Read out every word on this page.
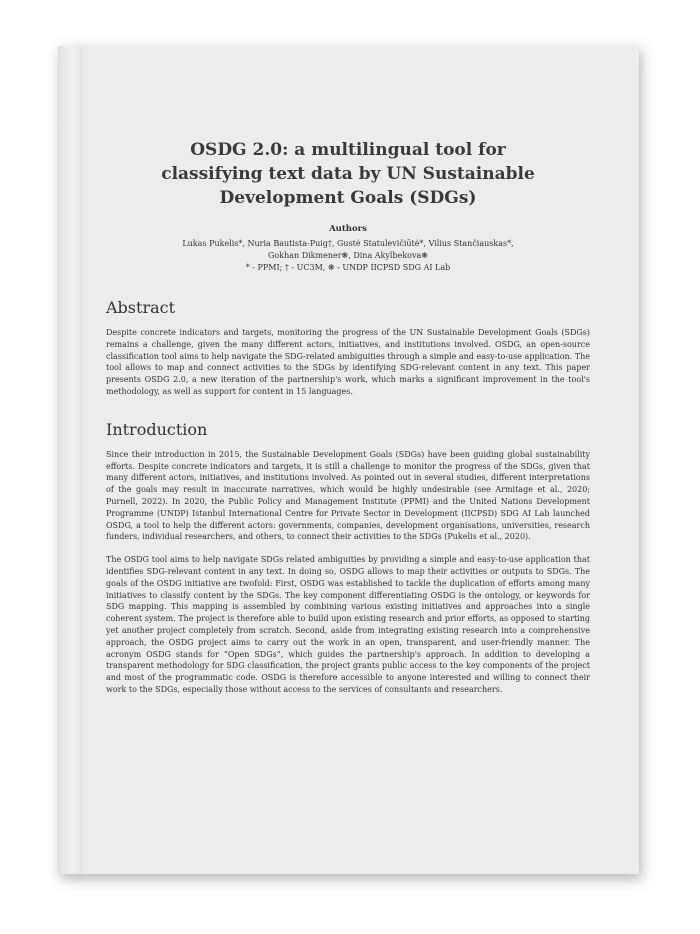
OSDG 2.0: a multilingual tool for
classifying text data by UN Sustainable
Development Goals (SDGs)
Authors

Lukas Pukelis*, Nuria Bautista-Puig†, Gustė Statulevičiūtė*, Vilius Stančiauskas*,

Gokhan Dikmener❋, Dina Akylbekova❋

* - PPMI; † - UC3M, ❋ - UNDP IICPSD SDG AI Lab

Abstract

Despite concrete indicators and targets, monitoring the progress of the UN Sustainable Development Goals (SDGs) remains a challenge, given the many different actors, initiatives, and institutions involved. OSDG, an open-source classification tool aims to help navigate the SDG-related ambiguities through a simple and easy-to-use application. The tool allows to map and connect activities to the SDGs by identifying SDG-relevant content in any text. This paper presents OSDG 2.0, a new iteration of the partnership's work, which marks a significant improvement in the tool's methodology, as well as support for content in 15 languages.

Introduction

Since their introduction in 2015, the Sustainable Development Goals (SDGs) have been guiding global sustainability efforts. Despite concrete indicators and targets, it is still a challenge to monitor the progress of the SDGs, given that many different actors, initiatives, and institutions involved. As pointed out in several studies, different interpretations of the goals may result in inaccurate narratives, which would be highly undesirable (see Armitage et al., 2020; Purnell, 2022). In 2020, the Public Policy and Management Institute (PPMI) and the United Nations Development Programme (UNDP) Istanbul International Centre for Private Sector in Development (IICPSD) SDG AI Lab launched OSDG, a tool to help the different actors: governments, companies, development organisations, universities, research funders, individual researchers, and others, to connect their activities to the SDGs (Pukelis et al., 2020).

The OSDG tool aims to help navigate SDGs related ambiguities by providing a simple and easy-to-use application that identifies SDG-relevant content in any text. In doing so, OSDG allows to map their activities or outputs to SDGs. The goals of the OSDG initiative are twofold: First, OSDG was established to tackle the duplication of efforts among many initiatives to classify content by the SDGs. The key component differentiating OSDG is the ontology, or keywords for SDG mapping. This mapping is assembled by combining various existing initiatives and approaches into a single coherent system. The project is therefore able to build upon existing research and prior efforts, as opposed to starting yet another project completely from scratch. Second, aside from integrating existing research into a comprehensive approach, the OSDG project aims to carry out the work in an open, transparent, and user-friendly manner. The acronym OSDG stands for “Open SDGs”, which guides the partnership's approach. In addition to developing a transparent methodology for SDG classification, the project grants public access to the key components of the project and most of the programmatic code. OSDG is therefore accessible to anyone interested and willing to connect their work to the SDGs, especially those without access to the services of consultants and researchers.
